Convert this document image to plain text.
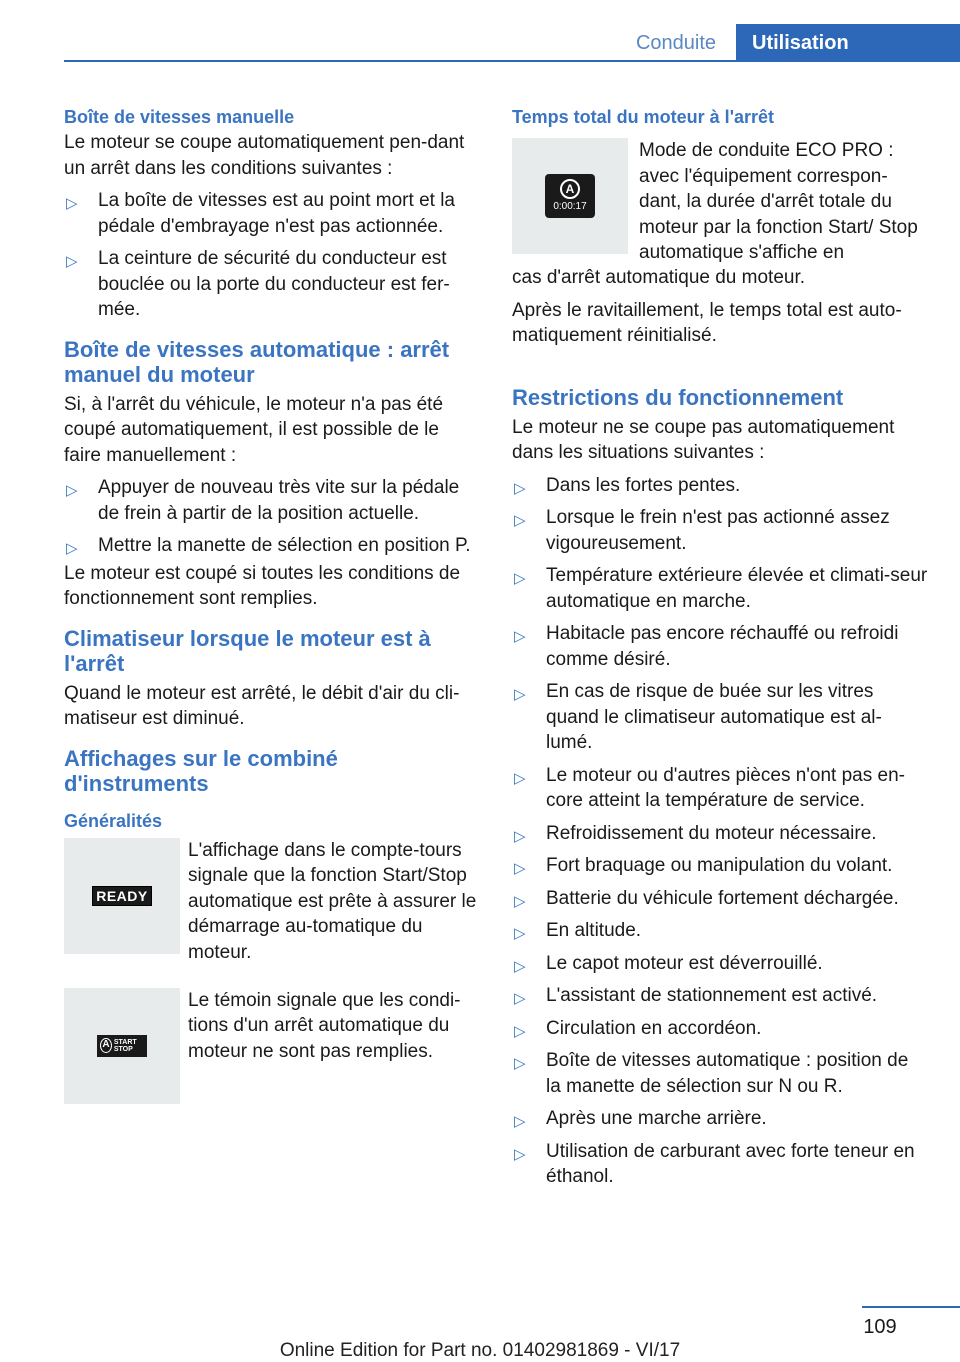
Conduite	Utilisation
Boîte de vitesses manuelle

Le moteur se coupe automatiquement pen-dant un arrêt dans les conditions suivantes :

▷ La boîte de vitesses est au point mort et la pédale d'embrayage n'est pas actionnée.
▷ La ceinture de sécurité du conducteur est bouclée ou la porte du conducteur est fer-mée.
Boîte de vitesses automatique : arrêt manuel du moteur

Si, à l'arrêt du véhicule, le moteur n'a pas été coupé automatiquement, il est possible de le faire manuellement :

▷ Appuyer de nouveau très vite sur la pédale de frein à partir de la position actuelle.
▷ Mettre la manette de sélection en position P.

Le moteur est coupé si toutes les conditions de fonctionnement sont remplies.

Climatiseur lorsque le moteur est à l'arrêt

Quand le moteur est arrêté, le débit d'air du cli-matiseur est diminué.

Affichages sur le combiné d'instruments
Généralités
READY
L'affichage dans le compte-tours signale que la fonction Start/Stop automatique est prête à assurer le démarrage au-tomatique du moteur.
A START STOP
Le témoin signale que les condi-tions d'un arrêt automatique du moteur ne sont pas remplies.
Temps total du moteur à l'arrêt
A
0:00:17
Mode de conduite ECO PRO : avec l'équipement correspon-dant, la durée d'arrêt totale du moteur par la fonction Start/ Stop automatique s'affiche en

cas d'arrêt automatique du moteur.

Après le ravitaillement, le temps total est auto-matiquement réinitialisé.

Restrictions du fonctionnement

Le moteur ne se coupe pas automatiquement dans les situations suivantes :

▷ Dans les fortes pentes.
▷ Lorsque le frein n'est pas actionné assez vigoureusement.
▷ Température extérieure élevée et climati-seur automatique en marche.
▷ Habitacle pas encore réchauffé ou refroidi comme désiré.
▷ En cas de risque de buée sur les vitres quand le climatiseur automatique est al-lumé.
▷ Le moteur ou d'autres pièces n'ont pas en-core atteint la température de service.
▷ Refroidissement du moteur nécessaire.
▷ Fort braquage ou manipulation du volant.
▷ Batterie du véhicule fortement déchargée.
▷ En altitude.
▷ Le capot moteur est déverrouillé.
▷ L'assistant de stationnement est activé.
▷ Circulation en accordéon.
▷ Boîte de vitesses automatique : position de la manette de sélection sur N ou R.
▷ Après une marche arrière.
▷ Utilisation de carburant avec forte teneur en éthanol.
109
Online Edition for Part no. 01402981869 - VI/17
